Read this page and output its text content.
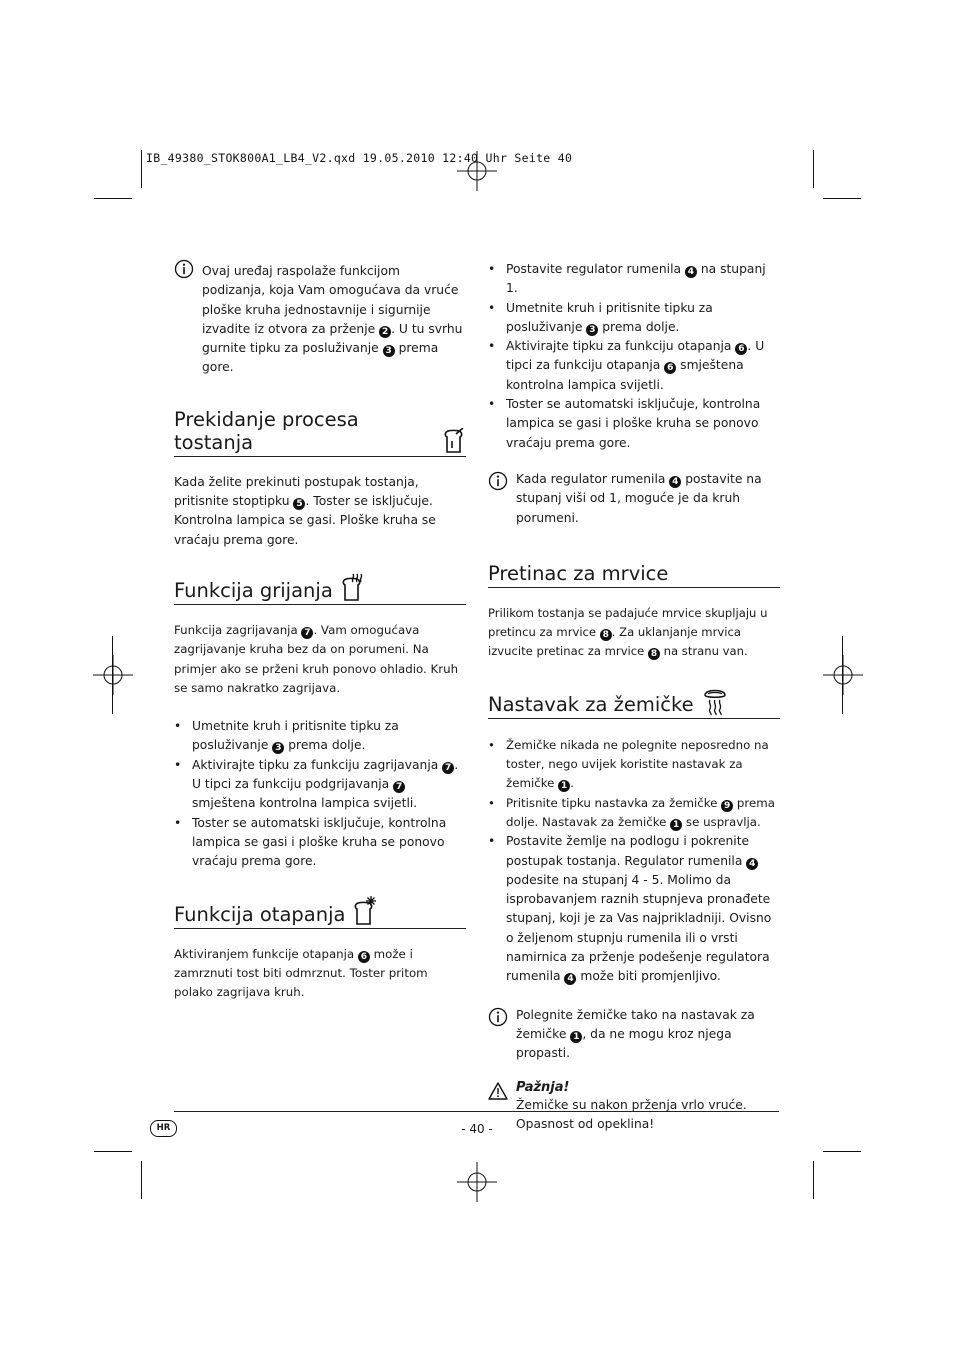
IB_49380_STOK800A1_LB4_V2.qxd 19.05.2010 12:40 Uhr Seite 40

Ovaj uređaj raspolaže funkcijom podizanja, koja Vam omogućava da vruće ploške kruha jednostavnije i sigurnije izvadite iz otvora za prženje 2 . U tu svrhu gurnite tipku za posluživanje 3 prema gore.

Prekidanje procesa tostanja

Kada želite prekinuti postupak tostanja, pritisnite stoptipku 5 . Toster se isključuje. Kontrolna lampica se gasi. Ploške kruha se vraćaju prema gore.

Funkcija grijanja

Funkcija zagrijavanja 7 . Vam omogućava zagrijavanje kruha bez da on porumeni. Na primjer ako se prženi kruh ponovo ohladio. Kruh se samo nakratko zagrijava.

• Umetnite kruh i pritisnite tipku za posluživanje 3 prema dolje.
• Aktivirajte tipku za funkciju zagrijavanja 7 . U tipci za funkciju podgrijavanja 7 smještena kontrolna lampica svijetli.
• Toster se automatski isključuje, kontrolna lampica se gasi i ploške kruha se ponovo vraćaju prema gore.
Funkcija otapanja

Aktiviranjem funkcije otapanja 6 može i zamrznuti tost biti odmrznut. Toster pritom polako zagrijava kruh.

• Postavite regulator rumenila 4 na stupanj 1.
• Umetnite kruh i pritisnite tipku za posluživanje 3 prema dolje.
• Aktivirajte tipku za funkciju otapanja 6 . U tipci za funkciju otapanja 6 smještena kontrolna lampica svijetli.
• Toster se automatski isključuje, kontrolna lampica se gasi i ploške kruha se ponovo vraćaju prema gore.

Kada regulator rumenila 4 postavite na stupanj viši od 1, moguće je da kruh porumeni.

Pretinac za mrvice

Prilikom tostanja se padajuće mrvice skupljaju u pretincu za mrvice 8 . Za uklanjanje mrvica izvucite pretinac za mrvice 8 na stranu van.

Nastavak za žemičke
• Žemičke nikada ne polegnite neposredno na toster, nego uvijek koristite nastavak za žemičke 1 .
• Pritisnite tipku nastavka za žemičke 9 prema dolje. Nastavak za žemičke 1 se uspravlja.
• Postavite žemlje na podlogu i pokrenite postupak tostanja. Regulator rumenila 4 podesite na stupanj 4 - 5. Molimo da isprobavanjem raznih stupnjeva pronađete stupanj, koji je za Vas najprikladniji. Ovisno o željenom stupnju rumenila ili o vrsti namirnica za prženje podešenje regulatora rumenila 4 može biti promjenljivo.

Polegnite žemičke tako na nastavak za žemičke 1 , da ne mogu kroz njega propasti.

Pažnja!

Žemičke su nakon prženja vrlo vruće.

Opasnost od opeklina!

HR	- 40 -
